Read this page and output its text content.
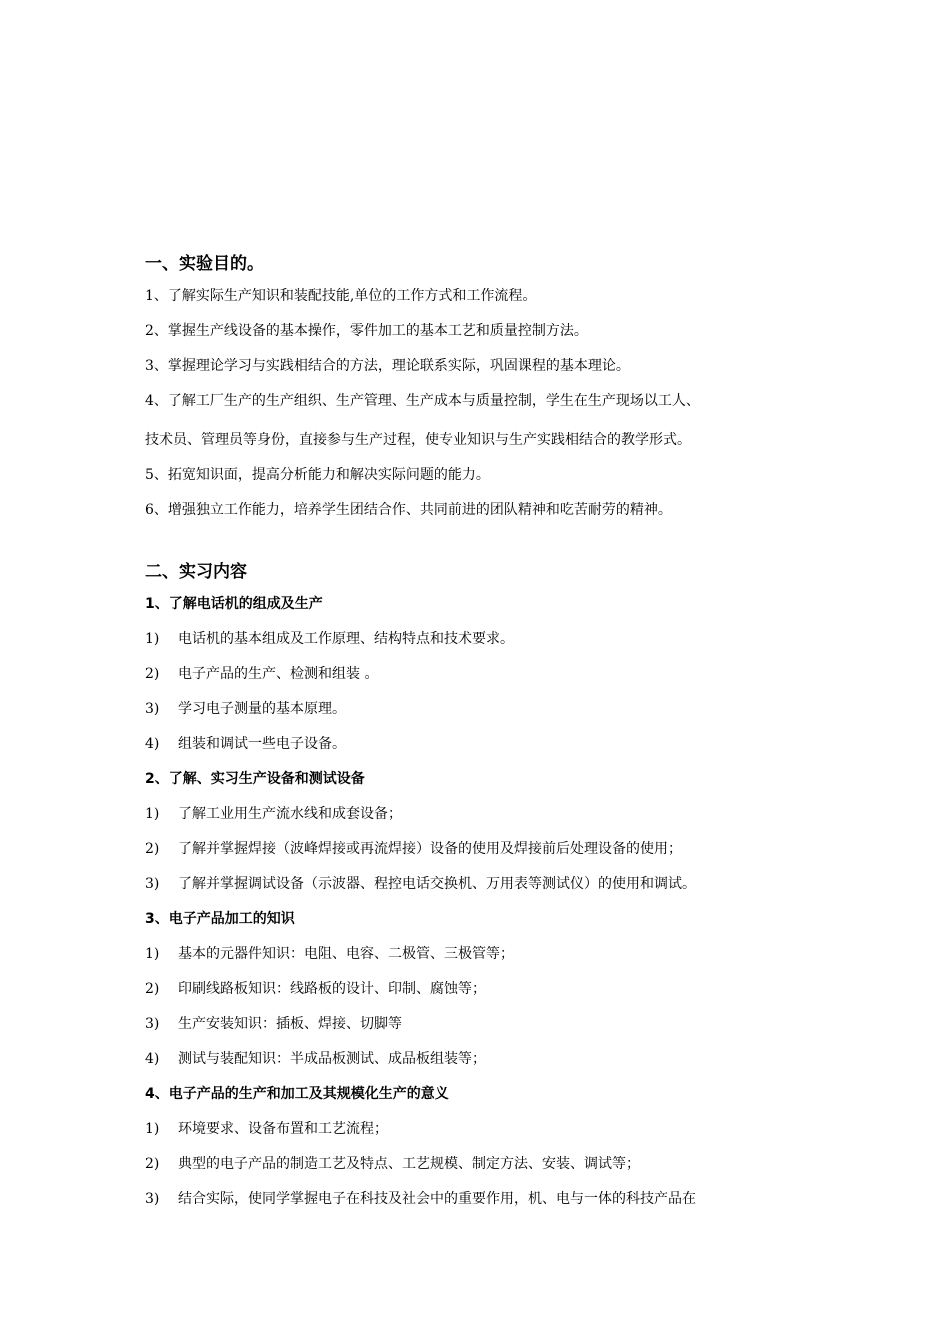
一、实验目的。
1、了解实际生产知识和装配技能,单位的工作方式和工作流程。
2、掌握生产线设备的基本操作，零件加工的基本工艺和质量控制方法。
3、掌握理论学习与实践相结合的方法，理论联系实际，巩固课程的基本理论。
4、了解工厂生产的生产组织、生产管理、生产成本与质量控制，学生在生产现场以工人、
技术员、管理员等身份，直接参与生产过程，使专业知识与生产实践相结合的教学形式。
5、拓宽知识面，提高分析能力和解决实际问题的能力。
6、增强独立工作能力，培养学生团结合作、共同前进的团队精神和吃苦耐劳的精神。
二、实习内容
1、了解电话机的组成及生产
1) 电话机的基本组成及工作原理、结构特点和技术要求。
2) 电子产品的生产、检测和组装 。
3) 学习电子测量的基本原理。
4) 组装和调试一些电子设备。
2、了解、实习生产设备和测试设备
1) 了解工业用生产流水线和成套设备；
2) 了解并掌握焊接（波峰焊接或再流焊接）设备的使用及焊接前后处理设备的使用；
3) 了解并掌握调试设备（示波器、程控电话交换机、万用表等测试仪）的使用和调试。
3、电子产品加工的知识
1) 基本的元器件知识：电阻、电容、二极管、三极管等；
2) 印刷线路板知识：线路板的设计、印制、腐蚀等；
3) 生产安装知识：插板、焊接、切脚等
4) 测试与装配知识：半成品板测试、成品板组装等；
4、电子产品的生产和加工及其规模化生产的意义
1) 环境要求、设备布置和工艺流程；
2) 典型的电子产品的制造工艺及特点、工艺规模、制定方法、安装、调试等；
3) 结合实际，使同学掌握电子在科技及社会中的重要作用，机、电与一体的科技产品在
